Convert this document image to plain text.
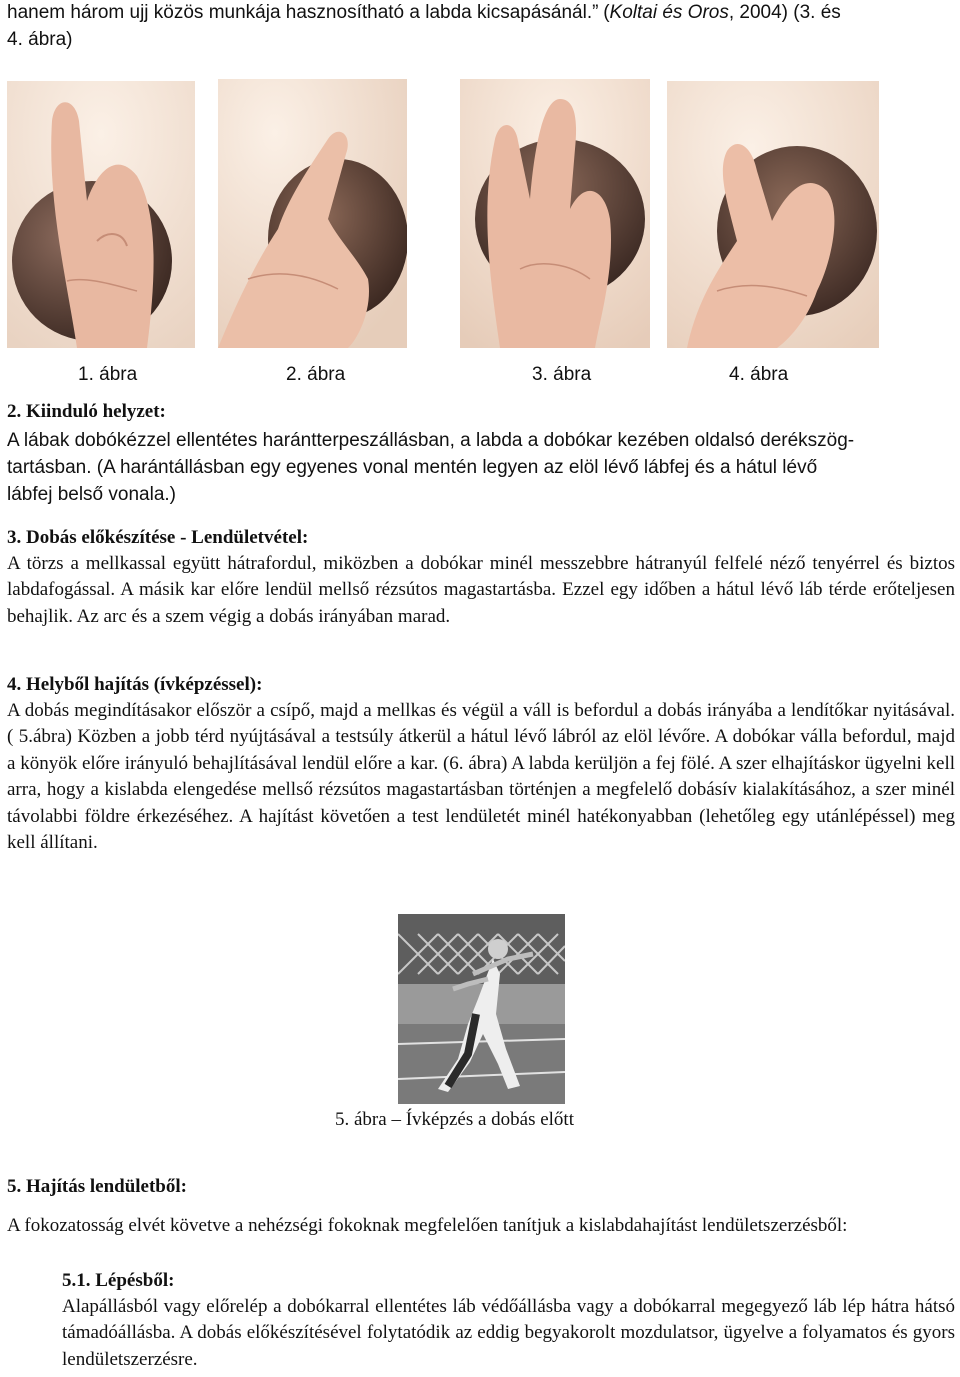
hanem három ujj közös munkája hasznosítható a labda kicsapásánál.” (Koltai és Oros, 2004) (3. és
4. ábra)
1. ábra	2. ábra	3. ábra	4. ábra
2. Kiinduló helyzet:
A lábak dobókézzel ellentétes harántterpeszállásban, a labda a dobókar kezében oldalsó derékszög-
tartásban. (A harántállásban egy egyenes vonal mentén legyen az elöl lévő lábfej és a hátul lévő
lábfej belső vonala.)
3. Dobás előkészítése - Lendületvétel:

A törzs a mellkassal együtt hátrafordul, miközben a dobókar minél messzebbre hátranyúl felfelé néző tenyérrel és biztos labdafogással. A másik kar előre lendül mellső rézsútos magastartásba. Ezzel egy időben a hátul lévő láb térde erőteljesen behajlik. Az arc és a szem végig a dobás irányában marad.

4. Helyből hajítás (ívképzéssel):

A dobás megindításakor először a csípő, majd a mellkas és végül a váll is befordul a dobás irányába a lendítőkar nyitásával. ( 5.ábra) Közben a jobb térd nyújtásával a testsúly átkerül a hátul lévő lábról az elöl lévőre. A dobókar válla befordul, majd a könyök előre irányuló behajlításával lendül előre a kar. (6. ábra) A labda kerüljön a fej fölé. A szer elhajításkor ügyelni kell arra, hogy a kislabda elengedése mellső rézsútos magastartásban történjen a megfelelő dobásív kialakításához, a szer minél távolabbi földre érkezéséhez. A hajítást követően a test lendületét minél hatékonyabban (lehetőleg egy utánlépéssel) meg kell állítani.

5. ábra – Ívképzés a dobás előtt
5. Hajítás lendületből:

A fokozatosság elvét követve a nehézségi fokoknak megfelelően tanítjuk a kislabdahajítást lendületszerzésből:

5.1. Lépésből:

Alapállásból vagy előrelép a dobókarral ellentétes láb védőállásba vagy a dobókarral megegyező láb lép hátra hátsó támadóállásba. A dobás előkészítésével folytatódik az eddig begyakorolt mozdulatsor, ügyelve a folyamatos és gyors lendületszerzésre.
